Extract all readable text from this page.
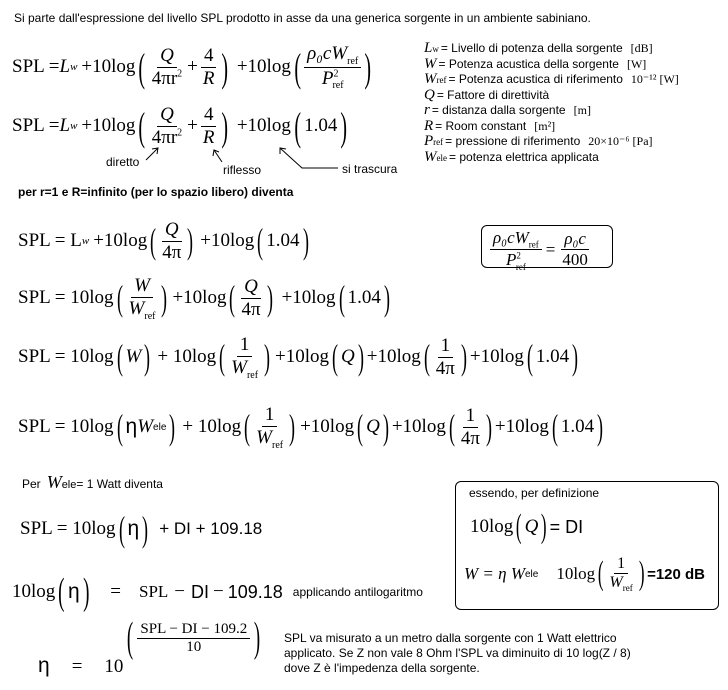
Si parte dall'espressione del livello SPL prodotto in asse da una generica sorgente in un ambiente sabiniano.
SPL = L w +10log ( $\frac{Q}{4\pi r^2} + \frac{4}{R}$ ) +10log ( $\frac{\rho_0cW_{ref}}{P^2_{ref}}$ )
SPL = L w +10log ( $\frac{Q}{4\pi r^2} + \frac{4}{R}$ ) +10log ( 1.04 )
diretto
riflesso	si trascura
L w = Livello di potenza della sorgente [dB]
W = Potenza acustica della sorgente [W]
W ref = Potenza acustica di riferimento 10⁻¹² [W]
Q = Fattore di direttività
r = distanza dalla sorgente [m]
R = Room constant [m²]
P ref = pressione di riferimento 20×10⁻⁶ [Pa]
W ele = potenza elettrica applicata
per r=1 e R=infinito (per lo spazio libero) diventa
$\frac{\rho_0cW_{ref}}{P^2_{ref}} = \frac{\text{ρ₀c}}{400}$
SPL = L w +10log ( $\frac{Q}{4\pi}$ ) +10log ( 1.04 )
SPL = 10log ( $\frac{W}{W_{ref}}$ ) +10log ( $\frac{Q}{4\pi}$ ) +10log ( 1.04 )
SPL = 10log ( W ) + 10log ( $\frac{1}{W_{ref}}$ ) +10log ( Q ) +10log ( $\frac{1}{4\pi}$ ) +10log ( 1.04 )
SPL = 10log ( η W ele ) + 10log ( $\frac{1}{W_{ref}}$ ) +10log ( Q ) +10log ( $\frac{1}{4\pi}$ ) +10log ( 1.04 )
Per W ele = 1 Watt diventa
essendo, per definizione
10log ( Q ) = DI
W = η W ele 10log ( $\frac{1}{W_{ref}}$ ) =120 dB
SPL = 10log ( η ) + DI + 109.18
10log ( η ) = SPL − DI − 109.18 applicando antilogaritmo
η = 10
( $\frac{\text{SPL − DI − 109.2}}{10}$ ) SPL va misurato a un metro dalla sorgente con 1 Watt elettrico
applicato. Se Z non vale 8 Ohm l'SPL va diminuito di 10 log(Z / 8)
dove Z è l'impedenza della sorgente.
